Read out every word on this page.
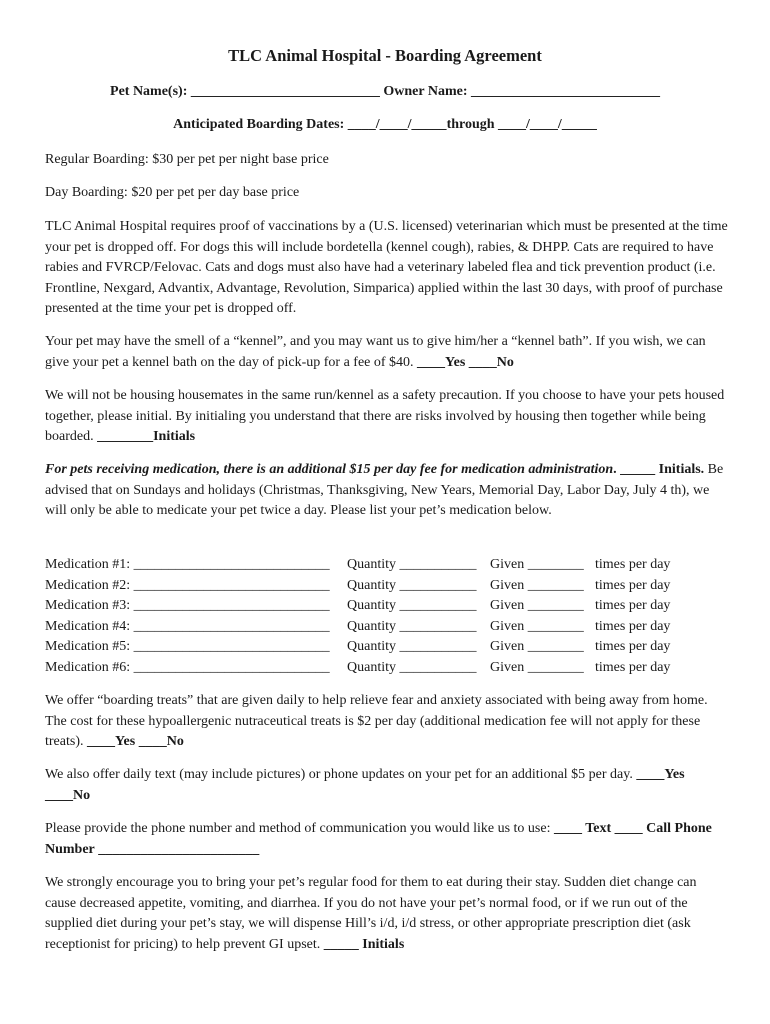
TLC Animal Hospital - Boarding Agreement
Pet Name(s): ___________________________ Owner Name: ___________________________
Anticipated Boarding Dates: ____/____/_____through ____/____/_____
Regular Boarding: $30 per pet per night base price
Day Boarding: $20 per pet per day base price
TLC Animal Hospital requires proof of vaccinations by a (U.S. licensed) veterinarian which must be presented at the time your pet is dropped off. For dogs this will include bordetella (kennel cough), rabies, & DHPP. Cats are required to have rabies and FVRCP/Felovac. Cats and dogs must also have had a veterinary labeled flea and tick prevention product (i.e. Frontline, Nexgard, Advantix, Advantage, Revolution, Simparica) applied within the last 30 days, with proof of purchase presented at the time your pet is dropped off.
Your pet may have the smell of a “kennel”, and you may want us to give him/her a “kennel bath”. If you wish, we can give your pet a kennel bath on the day of pick-up for a fee of $40. ____Yes ____No
We will not be housing housemates in the same run/kennel as a safety precaution. If you choose to have your pets housed together, please initial. By initialing you understand that there are risks involved by housing then together while being boarded. ________Initials
For pets receiving medication, there is an additional $15 per day fee for medication administration. _____ Initials. Be advised that on Sundays and holidays (Christmas, Thanksgiving, New Years, Memorial Day, Labor Day, July 4 th), we will only be able to medicate your pet twice a day. Please list your pet’s medication below.
Medication #1: ____________________________ Quantity ___________ Given ________ times per day
Medication #2: ____________________________ Quantity ___________ Given ________ times per day
Medication #3: ____________________________ Quantity ___________ Given ________ times per day
Medication #4: ____________________________ Quantity ___________ Given ________ times per day
Medication #5: ____________________________ Quantity ___________ Given ________ times per day
Medication #6: ____________________________ Quantity ___________ Given ________ times per day
We offer “boarding treats” that are given daily to help relieve fear and anxiety associated with being away from home. The cost for these hypoallergenic nutraceutical treats is $2 per day (additional medication fee will not apply for these treats). ____Yes ____No
We also offer daily text (may include pictures) or phone updates on your pet for an additional $5 per day. ____Yes ____No
Please provide the phone number and method of communication you would like us to use: ____ Text ____ Call Phone Number _______________________
We strongly encourage you to bring your pet’s regular food for them to eat during their stay. Sudden diet change can cause decreased appetite, vomiting, and diarrhea. If you do not have your pet’s normal food, or if we run out of the supplied diet during your pet’s stay, we will dispense Hill’s i/d, i/d stress, or other appropriate prescription diet (ask receptionist for pricing) to help prevent GI upset. _____ Initials
